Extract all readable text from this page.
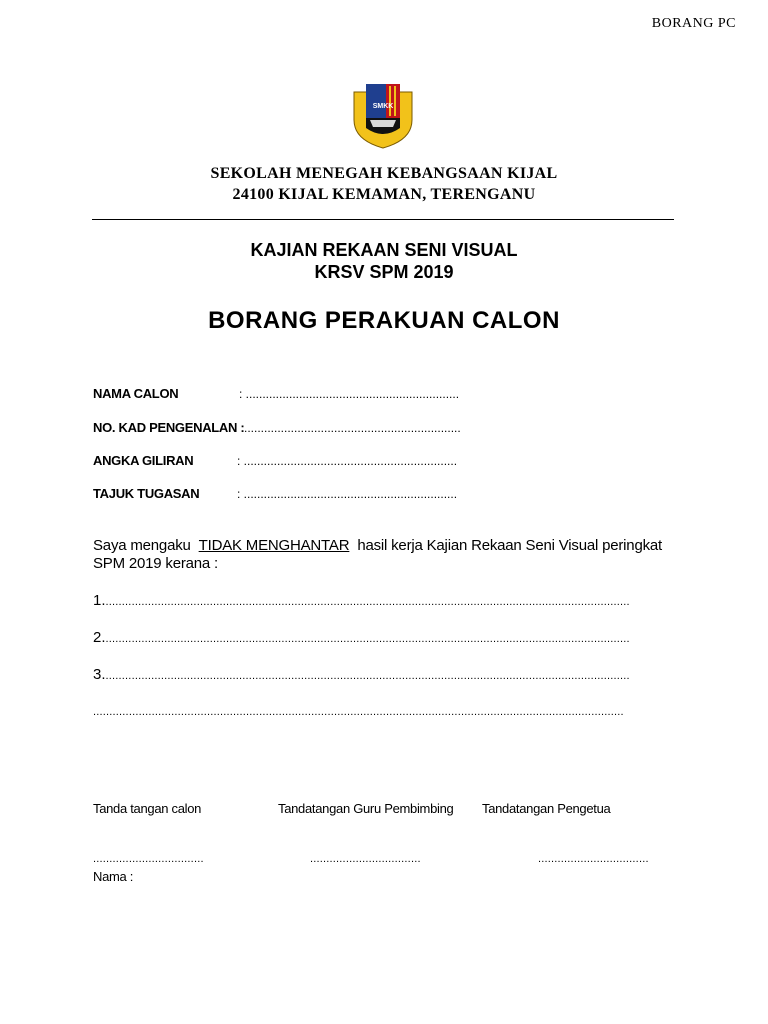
BORANG PC
SMKK
SEKOLAH MENEGAH KEBANGSAAN KIJAL
24100 KIJAL KEMAMAN, TERENGANU
KAJIAN REKAAN SENI VISUAL
KRSV SPM 2019
BORANG PERAKUAN CALON
NAMA CALON	: ................................................................
NO. KAD PENGENALAN : .................................................................
ANGKA GILIRAN	: ................................................................
TAJUK TUGASAN	: ................................................................
Saya mengaku TIDAK MENGHANTAR hasil kerja Kajian Rekaan Seni Visual peringkat
SPM 2019 kerana :
1..................................................................................................................................................................
2..................................................................................................................................................................
3..................................................................................................................................................................
...................................................................................................................................................................
Tanda tangan calon	Tandatangan Guru Pembimbing Tandatangan Pengetua
..................................	..................................	..................................
Nama :
